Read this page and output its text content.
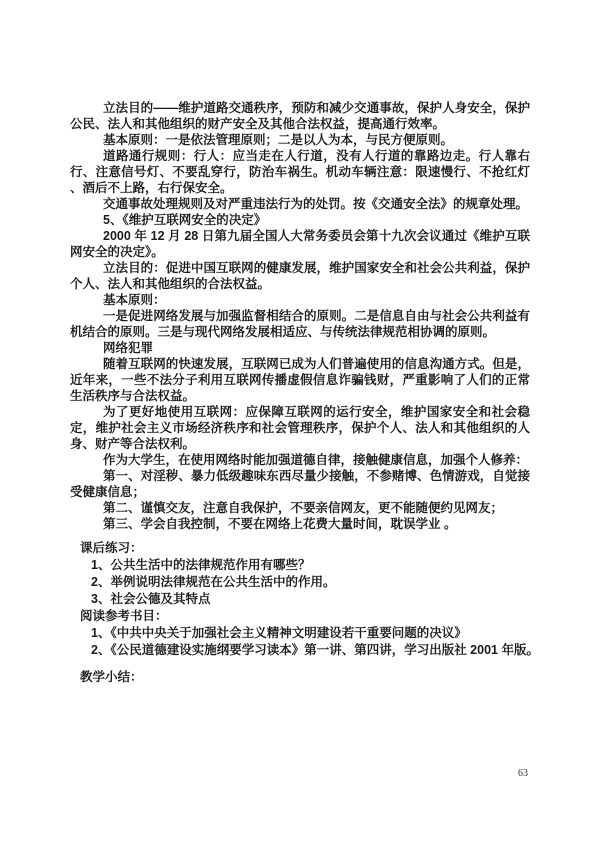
立法目的——维护道路交通秩序，预防和减少交通事故，保护人身安全，保护公民、法人和其他组织的财产安全及其他合法权益，提高通行效率。

基本原则：一是依法管理原则；二是以人为本，与民方便原则。

道路通行规则：行人：应当走在人行道，没有人行道的靠路边走。行人靠右行、注意信号灯、不要乱穿行，防治车祸生。机动车辆注意：限速慢行、不抢红灯 、酒后不上路，右行保安全。

交通事故处理规则及对严重违法行为的处罚。按《交通安全法》的规章处理。

5、《维护互联网安全的决定》

2000 年 12 月 28 日第九届全国人大常务委员会第十九次会议通过《维护互联网安全的决定》。

立法目的：促进中国互联网的健康发展，维护国家安全和社会公共利益，保护个人、法人和其他组织的合法权益。

基本原则：

一是促进网络发展与加强监督相结合的原则。二是信息自由与社会公共利益有机结合的原则。三是与现代网络发展相适应、与传统法律规范相协调的原则。

网络犯罪

随着互联网的快速发展，互联网已成为人们普遍使用的信息沟通方式。但是，近年来，一些不法分子利用互联网传播虚假信息诈骗钱财，严重影响了人们的正常生活秩序与合法权益。

为了更好地使用互联网：应保障互联网的运行安全，维护国家安全和社会稳定，维护社会主义市场经济秩序和社会管理秩序，保护个人、法人和其他组织的人身、财产等合法权利。

作为大学生，在使用网络时能加强道德自律，接触健康信息，加强个人修养：

第一、对淫秽、暴力低级趣味东西尽量少接触，不参赌博、色情游戏，自觉接受健康信息；

第二、谨慎交友，注意自我保护，不要亲信网友，更不能随便约见网友；

第三、学会自我控制，不要在网络上花费大量时间，耽误学业 。

课后练习：

1、公共生活中的法律规范作用有哪些？

2、举例说明法律规范在公共生活中的作用。

3、社会公德及其特点

阅读参考书目：

1、《中共中央关于加强社会主义精神文明建设若干重要问题的决议》

2、《公民道德建设实施纲要学习读本》第一讲、第四讲，学习出版社 2001 年版。

教学小结：

63
